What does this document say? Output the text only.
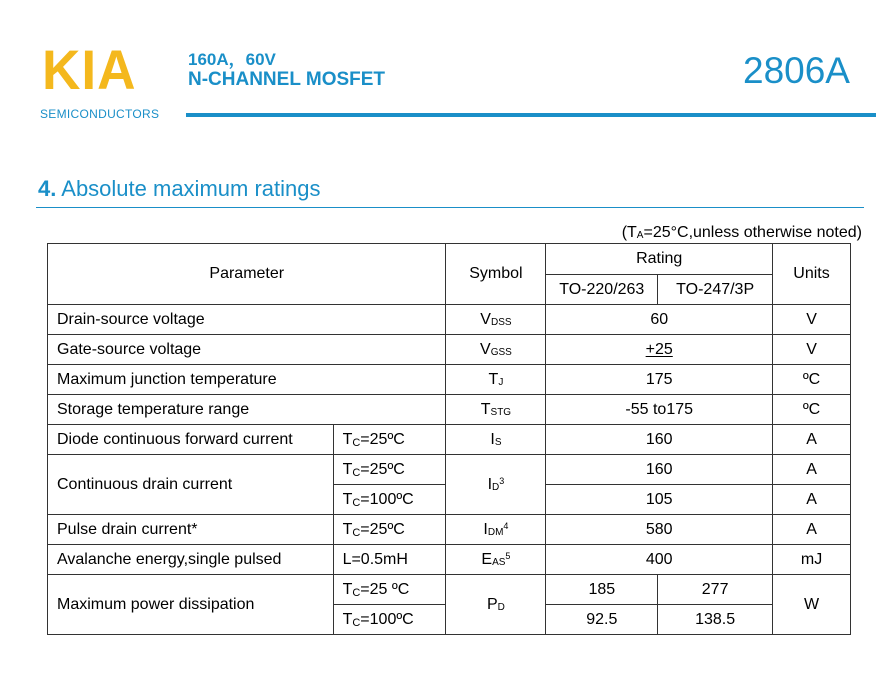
KIA
SEMICONDUCTORS
160A，60V
N-CHANNEL MOSFET	2806A
4. Absolute maximum ratings
($T_A=25^\circ C,unless$ otherwise noted)
Parameter		Symbol	Rating		Units
			TO-220/263	TO-247/3P	
Drain-source voltage		$V_{DSS}$	60		V
Gate-source voltage		$V_{GSS}$	+25		V
Maximum junction temperature		$T_J$	175		ºC
Storage temperature range		$T_{STG}$	-55 to175		ºC
Diode continuous forward current	$T_C=25ºC$	$I_S$	160		A
Continuous drain current	$T_C=25ºC$	$I_D^3$	160		A
	$T_C=100ºC$		105		A
Pulse drain current*	$T_C=25ºC$	$I_{DM}^4$	580		A
Avalanche energy,single pulsed	L=0.5mH	$E_{AS}^5$	400		mJ
Maximum power dissipation	$T_C=25$ ºC	$P_D$	185	277	W
	$T_C=100ºC$		92.5	138.5	
